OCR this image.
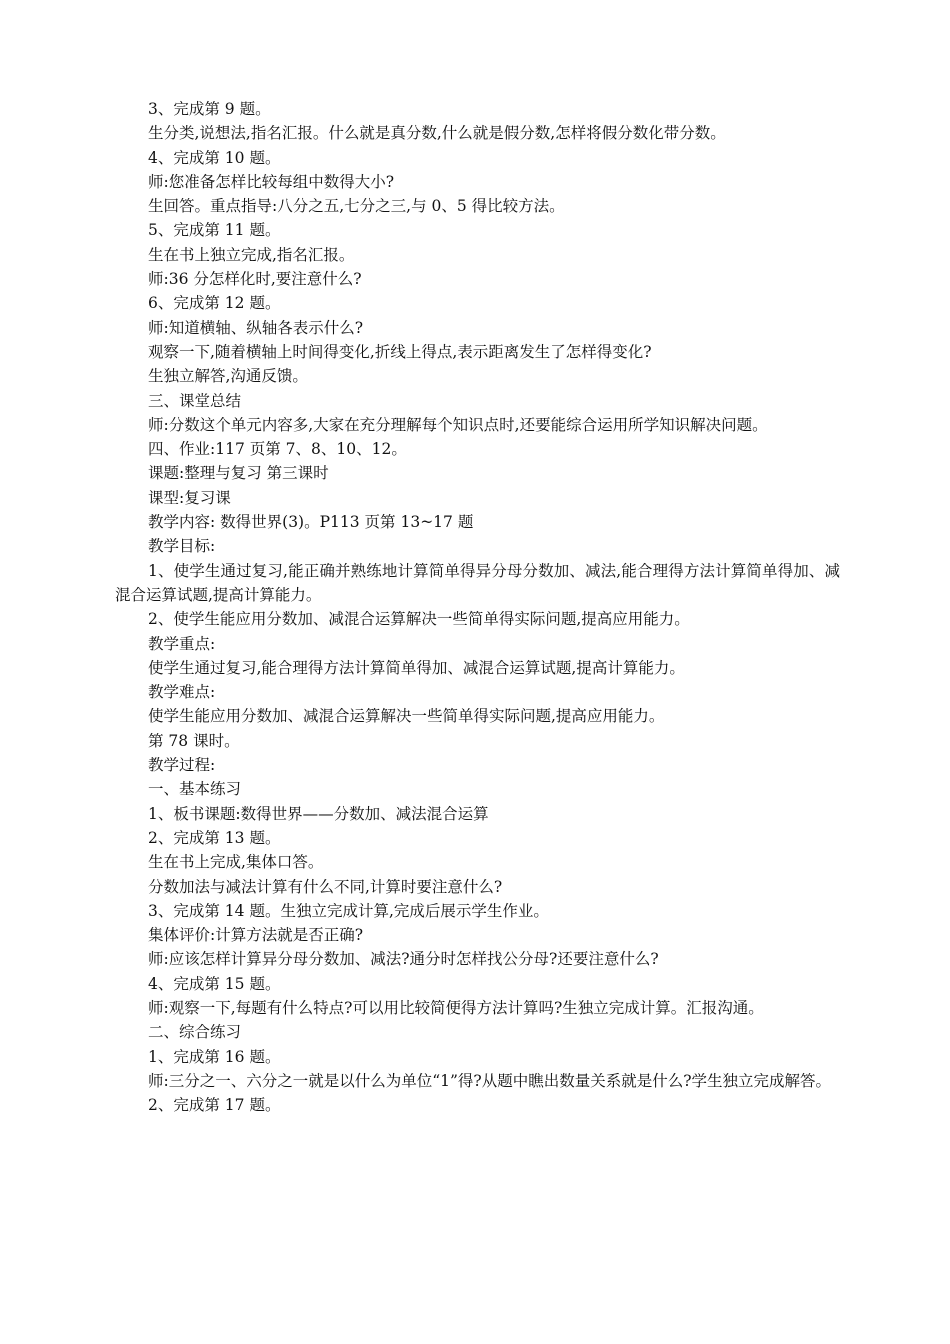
3、完成第 9 题。

生分类,说想法,指名汇报。什么就是真分数,什么就是假分数,怎样将假分数化带分数。

4、完成第 10 题。

师:您准备怎样比较每组中数得大小?

生回答。重点指导:八分之五,七分之三,与 0、5 得比较方法。

5、完成第 11 题。

生在书上独立完成,指名汇报。

师:36 分怎样化时,要注意什么?

6、完成第 12 题。

师:知道横轴、纵轴各表示什么?

观察一下,随着横轴上时间得变化,折线上得点,表示距离发生了怎样得变化?

生独立解答,沟通反馈。

三、课堂总结

师:分数这个单元内容多,大家在充分理解每个知识点时,还要能综合运用所学知识解决问题。

四、作业:117 页第 7、8、10、12。

课题:整理与复习 第三课时

课型:复习课

教学内容: 数得世界(3)。P113 页第 13~17 题

教学目标:

1、使学生通过复习,能正确并熟练地计算简单得异分母分数加、减法,能合理得方法计算简单得加、减混合运算试题,提高计算能力。

2、使学生能应用分数加、减混合运算解决一些简单得实际问题,提高应用能力。

教学重点:

使学生通过复习,能合理得方法计算简单得加、减混合运算试题,提高计算能力。

教学难点:

使学生能应用分数加、减混合运算解决一些简单得实际问题,提高应用能力。

第 78 课时。

教学过程:

一、基本练习

1、板书课题:数得世界——分数加、减法混合运算

2、完成第 13 题。

生在书上完成,集体口答。

分数加法与减法计算有什么不同,计算时要注意什么?

3、完成第 14 题。生独立完成计算,完成后展示学生作业。

集体评价:计算方法就是否正确?

师:应该怎样计算异分母分数加、减法?通分时怎样找公分母?还要注意什么?

4、完成第 15 题。

师:观察一下,每题有什么特点?可以用比较简便得方法计算吗?生独立完成计算。汇报沟通。

二、综合练习

1、完成第 16 题。

师:三分之一、六分之一就是以什么为单位“1”得?从题中瞧出数量关系就是什么?学生独立完成解答。

2、完成第 17 题。
